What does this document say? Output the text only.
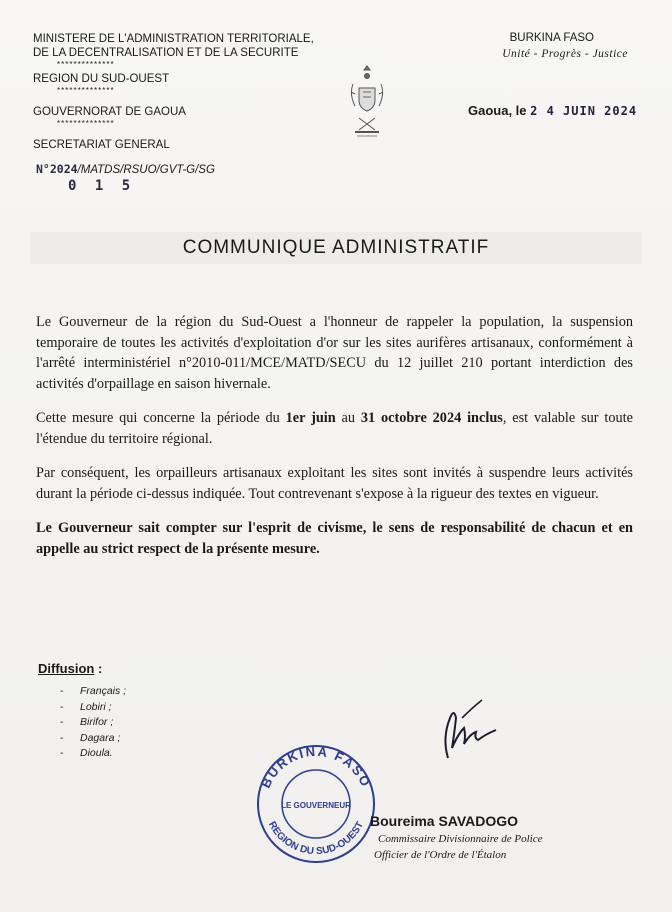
MINISTERE DE L'ADMINISTRATION TERRITORIALE,
DE LA DECENTRALISATION ET DE LA SECURITE
**************
REGION DU SUD-OUEST
**************
GOUVERNORAT DE GAOUA
**************
SECRETARIAT GENERAL
N°2024/MATDS/RSUO/GVT-G/SG
0 1 5
BURKINA FASO
Unité - Progrès - Justice
Gaoua, le 2 4 JUIN 2024
COMMUNIQUE ADMINISTRATIF

Le Gouverneur de la région du Sud-Ouest a l'honneur de rappeler la population, la suspension temporaire de toutes les activités d'exploitation d'or sur les sites aurifères artisanaux, conformément à l'arrêté interministériel n°2010-011/MCE/MATD/SECU du 12 juillet 210 portant interdiction des activités d'orpaillage en saison hivernale.

Cette mesure qui concerne la période du 1er juin au 31 octobre 2024 inclus, est valable sur toute l'étendue du territoire régional.

Par conséquent, les orpailleurs artisanaux exploitant les sites sont invités à suspendre leurs activités durant la période ci-dessus indiquée. Tout contrevenant s'expose à la rigueur des textes en vigueur.

Le Gouverneur sait compter sur l'esprit de civisme, le sens de responsabilité de chacun et en appelle au strict respect de la présente mesure.

Diffusion :
- Français ;
- Lobiri ;
- Birifor ;
- Dagara ;
- Dioula.
BURKINA FASO
REGION DU SUD-OUEST
LE GOUVERNEUR
Boureima SAVADOGO
Commissaire Divisionnaire de Police
Officier de l'Ordre de l'Étalon
